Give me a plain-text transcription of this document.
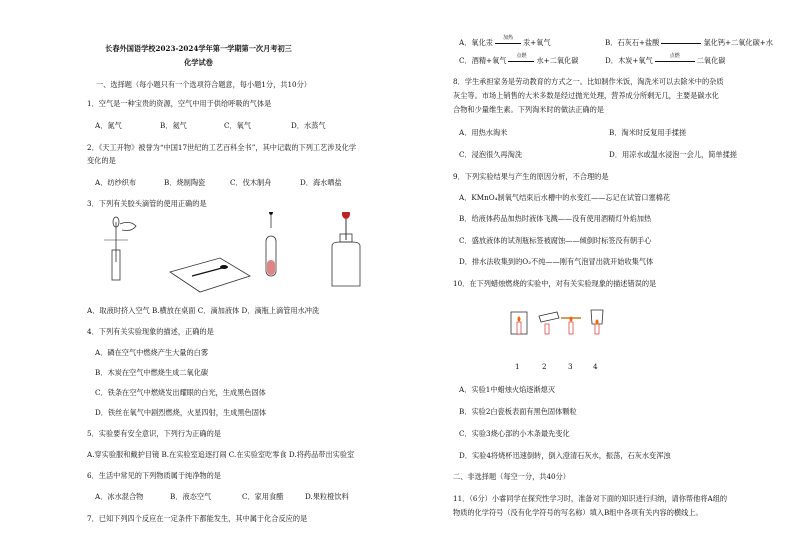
长春外国语学校2023-2024学年第一学期第一次月考初三
化学试卷
一、选择题（每小题只有一个选项符合题意，每小题1分，共10分）
1．空气是一种宝贵的资源，空气中用于供给呼吸的气体是
A．氮气	B．氦气	C．氧气	D．水蒸气
2．《天工开物》被誉为“中国17世纪的工艺百科全书”，其中记载的下列工艺涉及化学
变化的是
A．纺纱织布	B．烧制陶瓷	C．伐木制舟	D．海水晒盐
3．下列有关胶头滴管的使用正确的是
A．取液时挤入空气 B.横放在桌面 C．滴加液体 D．滴瓶上滴管用水冲洗
4．下列有关实验现象的描述，正确的是
A．磷在空气中燃烧产生大量的白雾
B．木炭在空气中燃烧生成二氧化碳
C．铁条在空气中燃烧发出耀眼的白光，生成黑色固体
D．铁丝在氧气中剧烈燃烧，火星四射，生成黑色固体
5．实验要有安全意识，下列行为正确的是
A.穿实验服和戴护目镜 B.在实验室追逐打闹 C.在实验室吃零食 D.将药品带出实验室
6．生活中常见的下列物质属于纯净物的是
A．冰水混合物	B．液态空气	C．家用食醋	D.果粒橙饮料
7．已知下列四个反应在一定条件下都能发生，其中属于化合反应的是
A．氧化汞	加热	汞+氧气	B．石灰石+盐酸	氯化钙+二氧化碳+水
C．酒精+氧气	点燃	水+二氧化碳	D．木炭+氧气	点燃	二氧化碳
8．学生承担家务是劳动教育的方式之一。比如制作米饭，淘洗米可以去除米中的杂质
灰尘等。市场上销售的大米多数是经过抛光处理，营养成分所剩无几，主要是碳水化
合物和少量维生素。下列淘米时的做法正确的是
A．用热水淘米	B．淘米时反复用手揉搓
C．浸泡很久再淘洗	D．用凉水或温水浸泡一会儿，简单揉搓
9．下列实验结果与产生的原因分析，不合理的是
A．KMnO₄制氧气结束后水槽中的水变红——忘记在试管口塞棉花
B．给液体药品加热时液体飞溅——没有使用酒精灯外焰加热
C．盛放液体的试剂瓶标签被腐蚀——倾倒时标签没有朝手心
D．排水法收集到的O₂不纯——刚有气泡冒出就开始收集气体
10．在下列蜡烛燃烧的实验中，对有关实验现象的描述错误的是
1	2	3	4
A．实验1中蜡烛火焰逐渐熄灭
B．实验2白瓷板表面有黑色固体颗粒
C．实验3烧心部的小木条最先变化
D．实验4将烧杯迅速倒转，倒入澄清石灰水，振荡，石灰水变浑浊
二、非选择题（每空一分，共40分）
11．（6分）小睿同学在探究性学习时，准备对下面的知识进行归纳，请你帮他将A组的
物质的化学符号（没有化学符号的写名称）填入B组中各项有关内容的横线上。
